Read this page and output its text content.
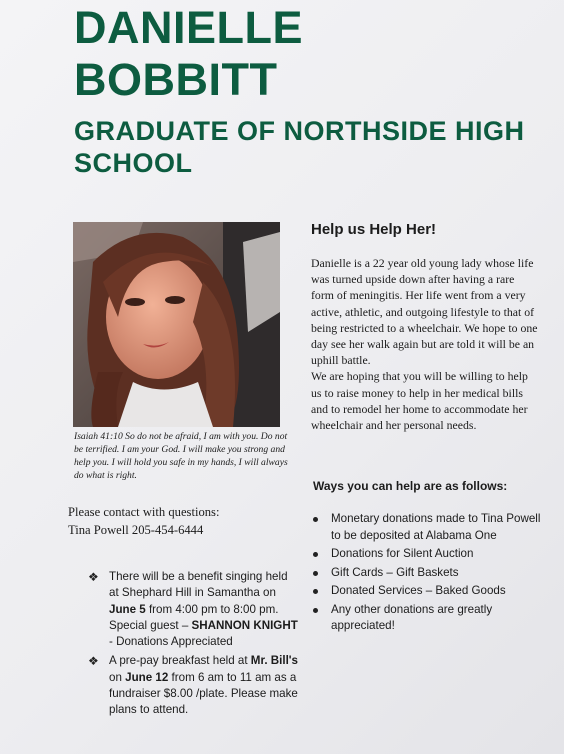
DANIELLE
BOBBITT
GRADUATE OF NORTHSIDE HIGH
SCHOOL
Isaiah 41:10 So do not be afraid, I am with you. Do not be terrified. I am your God. I will make you strong and help you. I will hold you safe in my hands, I will always do what is right.
Please contact with questions:
Tina Powell 205-454-6444
❖ There will be a benefit singing held at Shephard Hill in Samantha on June 5 from 4:00 pm to 8:00 pm. Special guest – SHANNON KNIGHT - Donations Appreciated
❖ A pre-pay breakfast held at Mr. Bill's on June 12 from 6 am to 11 am as a fundraiser $8.00 /plate. Please make plans to attend.
Help us Help Her!
Danielle is a 22 year old young lady whose life was turned upside down after having a rare form of meningitis. Her life went from a very active, athletic, and outgoing lifestyle to that of being restricted to a wheelchair. We hope to one day see her walk again but are told it will be an uphill battle.
We are hoping that you will be willing to help us to raise money to help in her medical bills and to remodel her home to accommodate her wheelchair and her personal needs.
Ways you can help are as follows:
Monetary donations made to Tina Powell to be deposited at Alabama One
Donations for Silent Auction
Gift Cards – Gift Baskets
Donated Services – Baked Goods
Any other donations are greatly appreciated!
